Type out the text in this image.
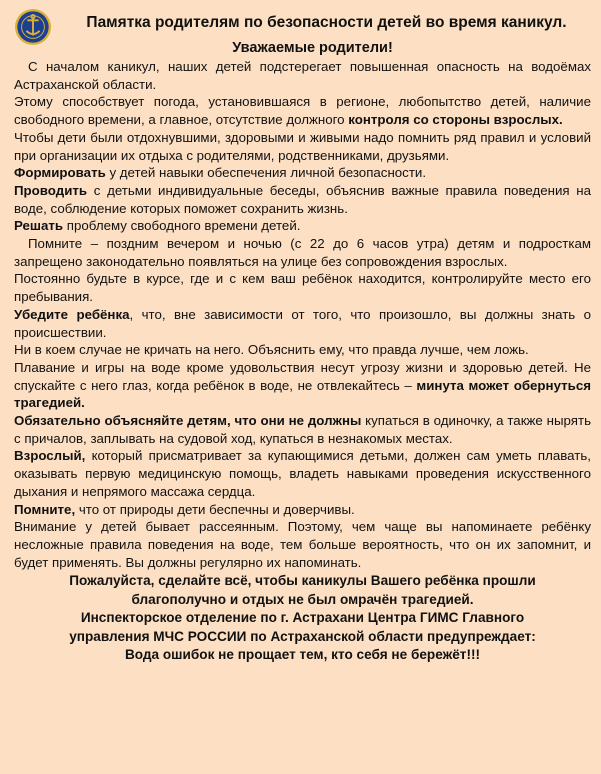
Памятка родителям по безопасности детей во время каникул.
Уважаемые родители!

С началом каникул, наших детей подстерегает повышенная опасность на водоёмах Астраханской области.

Этому способствует погода, установившаяся в регионе, любопытство детей, наличие свободного времени, а главное, отсутствие должного контроля со стороны взрослых.

Чтобы дети были отдохнувшими, здоровыми и живыми надо помнить ряд правил и условий при организации их отдыха с родителями, родственниками, друзьями.

Формировать у детей навыки обеспечения личной безопасности.

Проводить с детьми индивидуальные беседы, объяснив важные правила поведения на воде, соблюдение которых поможет сохранить жизнь.

Решать проблему свободного времени детей.

Помните – поздним вечером и ночью (с 22 до 6 часов утра) детям и подросткам запрещено законодательно появляться на улице без сопровождения взрослых.

Постоянно будьте в курсе, где и с кем ваш ребёнок находится, контролируйте место его пребывания.

Убедите ребёнка, что, вне зависимости от того, что произошло, вы должны знать о происшествии.

Ни в коем случае не кричать на него. Объяснить ему, что правда лучше, чем ложь.

Плавание и игры на воде кроме удовольствия несут угрозу жизни и здоровью детей. Не спускайте с него глаз, когда ребёнок в воде, не отвлекайтесь – минута может обернуться трагедией.

Обязательно объясняйте детям, что они не должны купаться в одиночку, а также нырять с причалов, заплывать на судовой ход, купаться в незнакомых местах.

Взрослый, который присматривает за купающимися детьми, должен сам уметь плавать, оказывать первую медицинскую помощь, владеть навыками проведения искусственного дыхания и непрямого массажа сердца.

Помните, что от природы дети беспечны и доверчивы.

Внимание у детей бывает рассеянным. Поэтому, чем чаще вы напоминаете ребёнку несложные правила поведения на воде, тем больше вероятность, что он их запомнит, и будет применять. Вы должны регулярно их напоминать.

Пожалуйста, сделайте всё, чтобы каникулы Вашего ребёнка прошли
благополучно и отдых не был омрачён трагедией.
Инспекторское отделение по г. Астрахани Центра ГИМС Главного
управления МЧС РОССИИ по Астраханской области предупреждает:
Вода ошибок не прощает тем, кто себя не бережёт!!!
